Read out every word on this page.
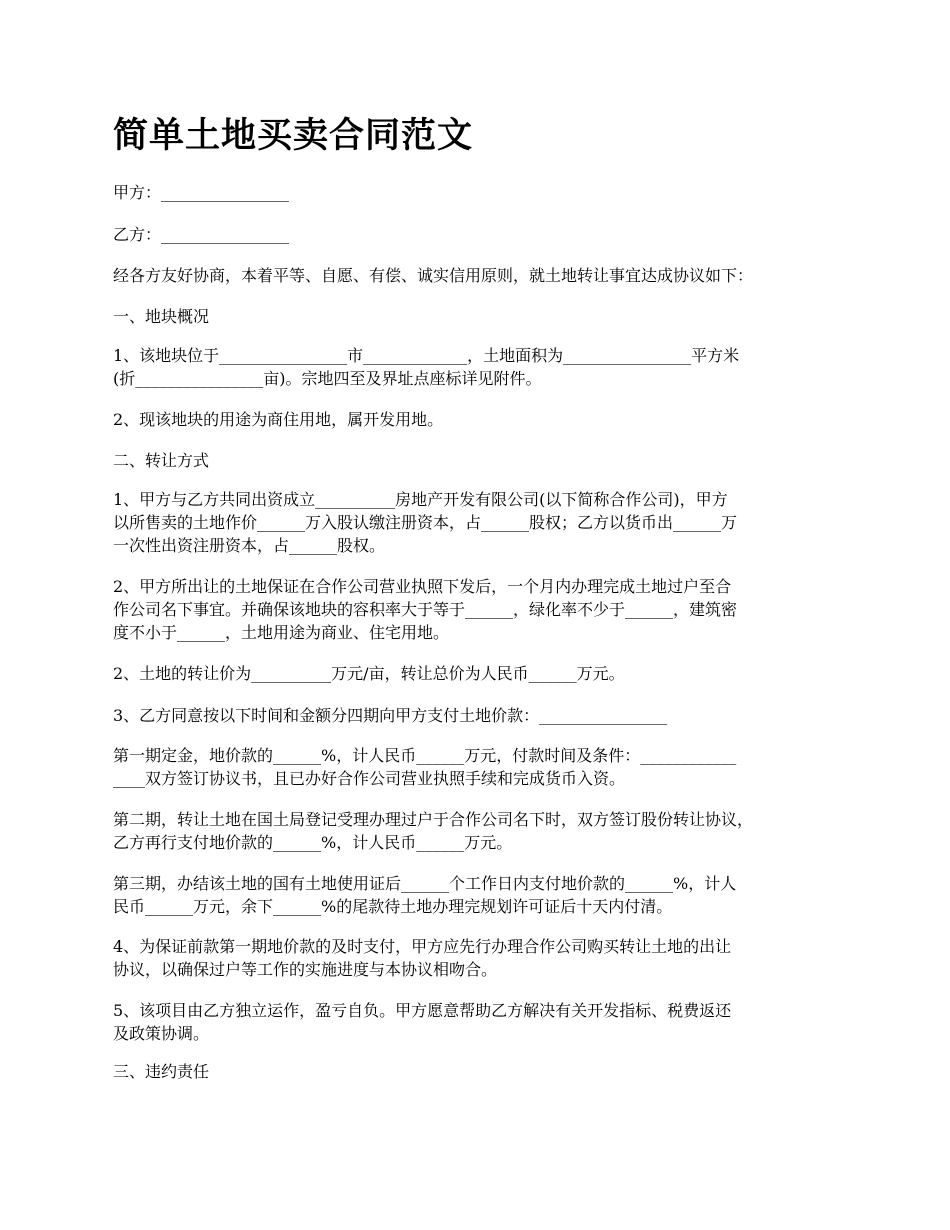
简单土地买卖合同范文

甲方：________________

乙方：________________

经各方友好协商，本着平等、自愿、有偿、诚实信用原则，就土地转让事宜达成协议如下：

一、地块概况

1、该地块位于________________市_____________，土地面积为________________平方米

(折________________亩)。宗地四至及界址点座标详见附件。

2、现该地块的用途为商住用地，属开发用地。

二、转让方式

1、甲方与乙方共同出资成立__________房地产开发有限公司(以下简称合作公司)，甲方

以所售卖的土地作价______万入股认缴注册资本，占______股权；乙方以货币出______万

一次性出资注册资本，占______股权。

2、甲方所出让的土地保证在合作公司营业执照下发后，一个月内办理完成土地过户至合

作公司名下事宜。并确保该地块的容积率大于等于______，绿化率不少于______，建筑密

度不小于______，土地用途为商业、住宅用地。

2、土地的转让价为__________万元/亩，转让总价为人民币______万元。

3、乙方同意按以下时间和金额分四期向甲方支付土地价款：________________

第一期定金，地价款的______%，计人民币______万元，付款时间及条件：____________

____双方签订协议书，且已办好合作公司营业执照手续和完成货币入资。

第二期，转让土地在国土局登记受理办理过户于合作公司名下时，双方签订股份转让协议，

乙方再行支付地价款的______%，计人民币______万元。

第三期，办结该土地的国有土地使用证后______个工作日内支付地价款的______%，计人

民币______万元，余下______%的尾款待土地办理完规划许可证后十天内付清。

4、为保证前款第一期地价款的及时支付，甲方应先行办理合作公司购买转让土地的出让

协议，以确保过户等工作的实施进度与本协议相吻合。

5、该项目由乙方独立运作，盈亏自负。甲方愿意帮助乙方解决有关开发指标、税费返还

及政策协调。

三、违约责任
